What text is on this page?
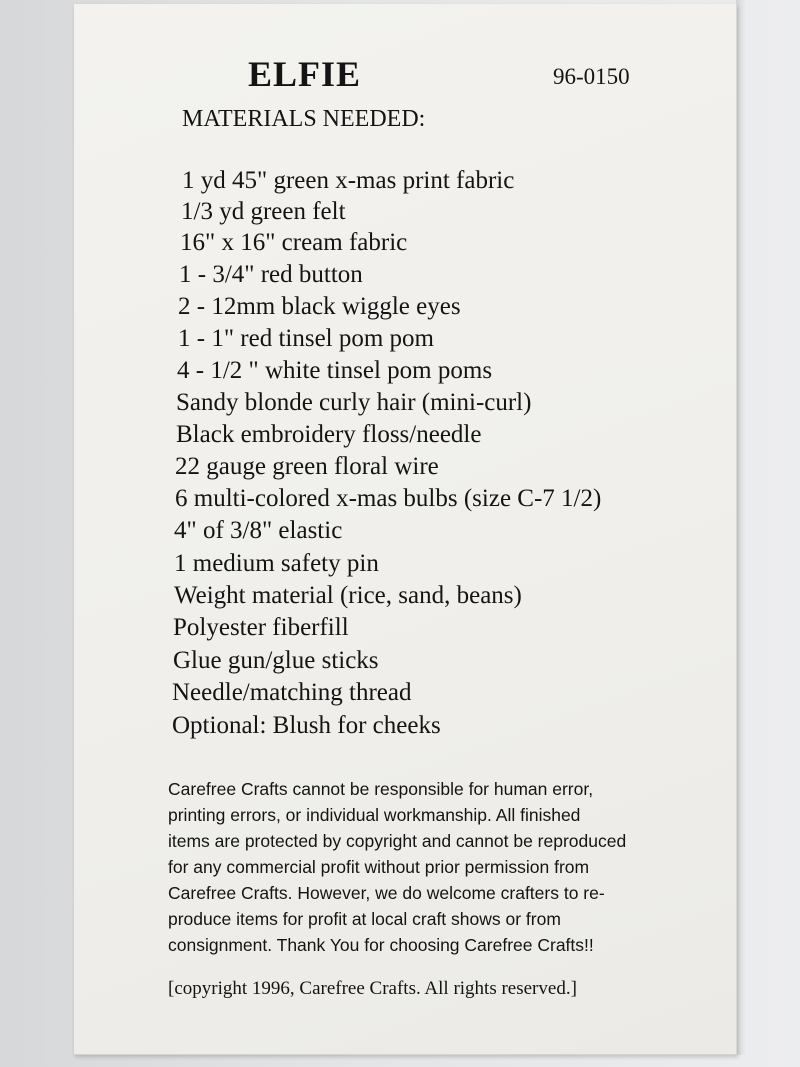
ELFIE	96-0150
MATERIALS NEEDED:
1 yd 45" green x-mas print fabric
1/3 yd green felt
16" x 16" cream fabric
1 - 3/4" red button
2 - 12mm black wiggle eyes
1 - 1" red tinsel pom pom
4 - 1/2 " white tinsel pom poms
Sandy blonde curly hair (mini-curl)
Black embroidery floss/needle
22 gauge green floral wire
6 multi-colored x-mas bulbs (size C-7 1/2)
4" of 3/8" elastic
1 medium safety pin
Weight material (rice, sand, beans)
Polyester fiberfill
Glue gun/glue sticks
Needle/matching thread
Optional: Blush for cheeks

Carefree Crafts cannot be responsible for human error,
printing errors, or individual workmanship. All finished
items are protected by copyright and cannot be reproduced
for any commercial profit without prior permission from
Carefree Crafts. However, we do welcome crafters to re-
produce items for profit at local craft shows or from
consignment. Thank You for choosing Carefree Crafts!!

[copyright 1996, Carefree Crafts. All rights reserved.]
